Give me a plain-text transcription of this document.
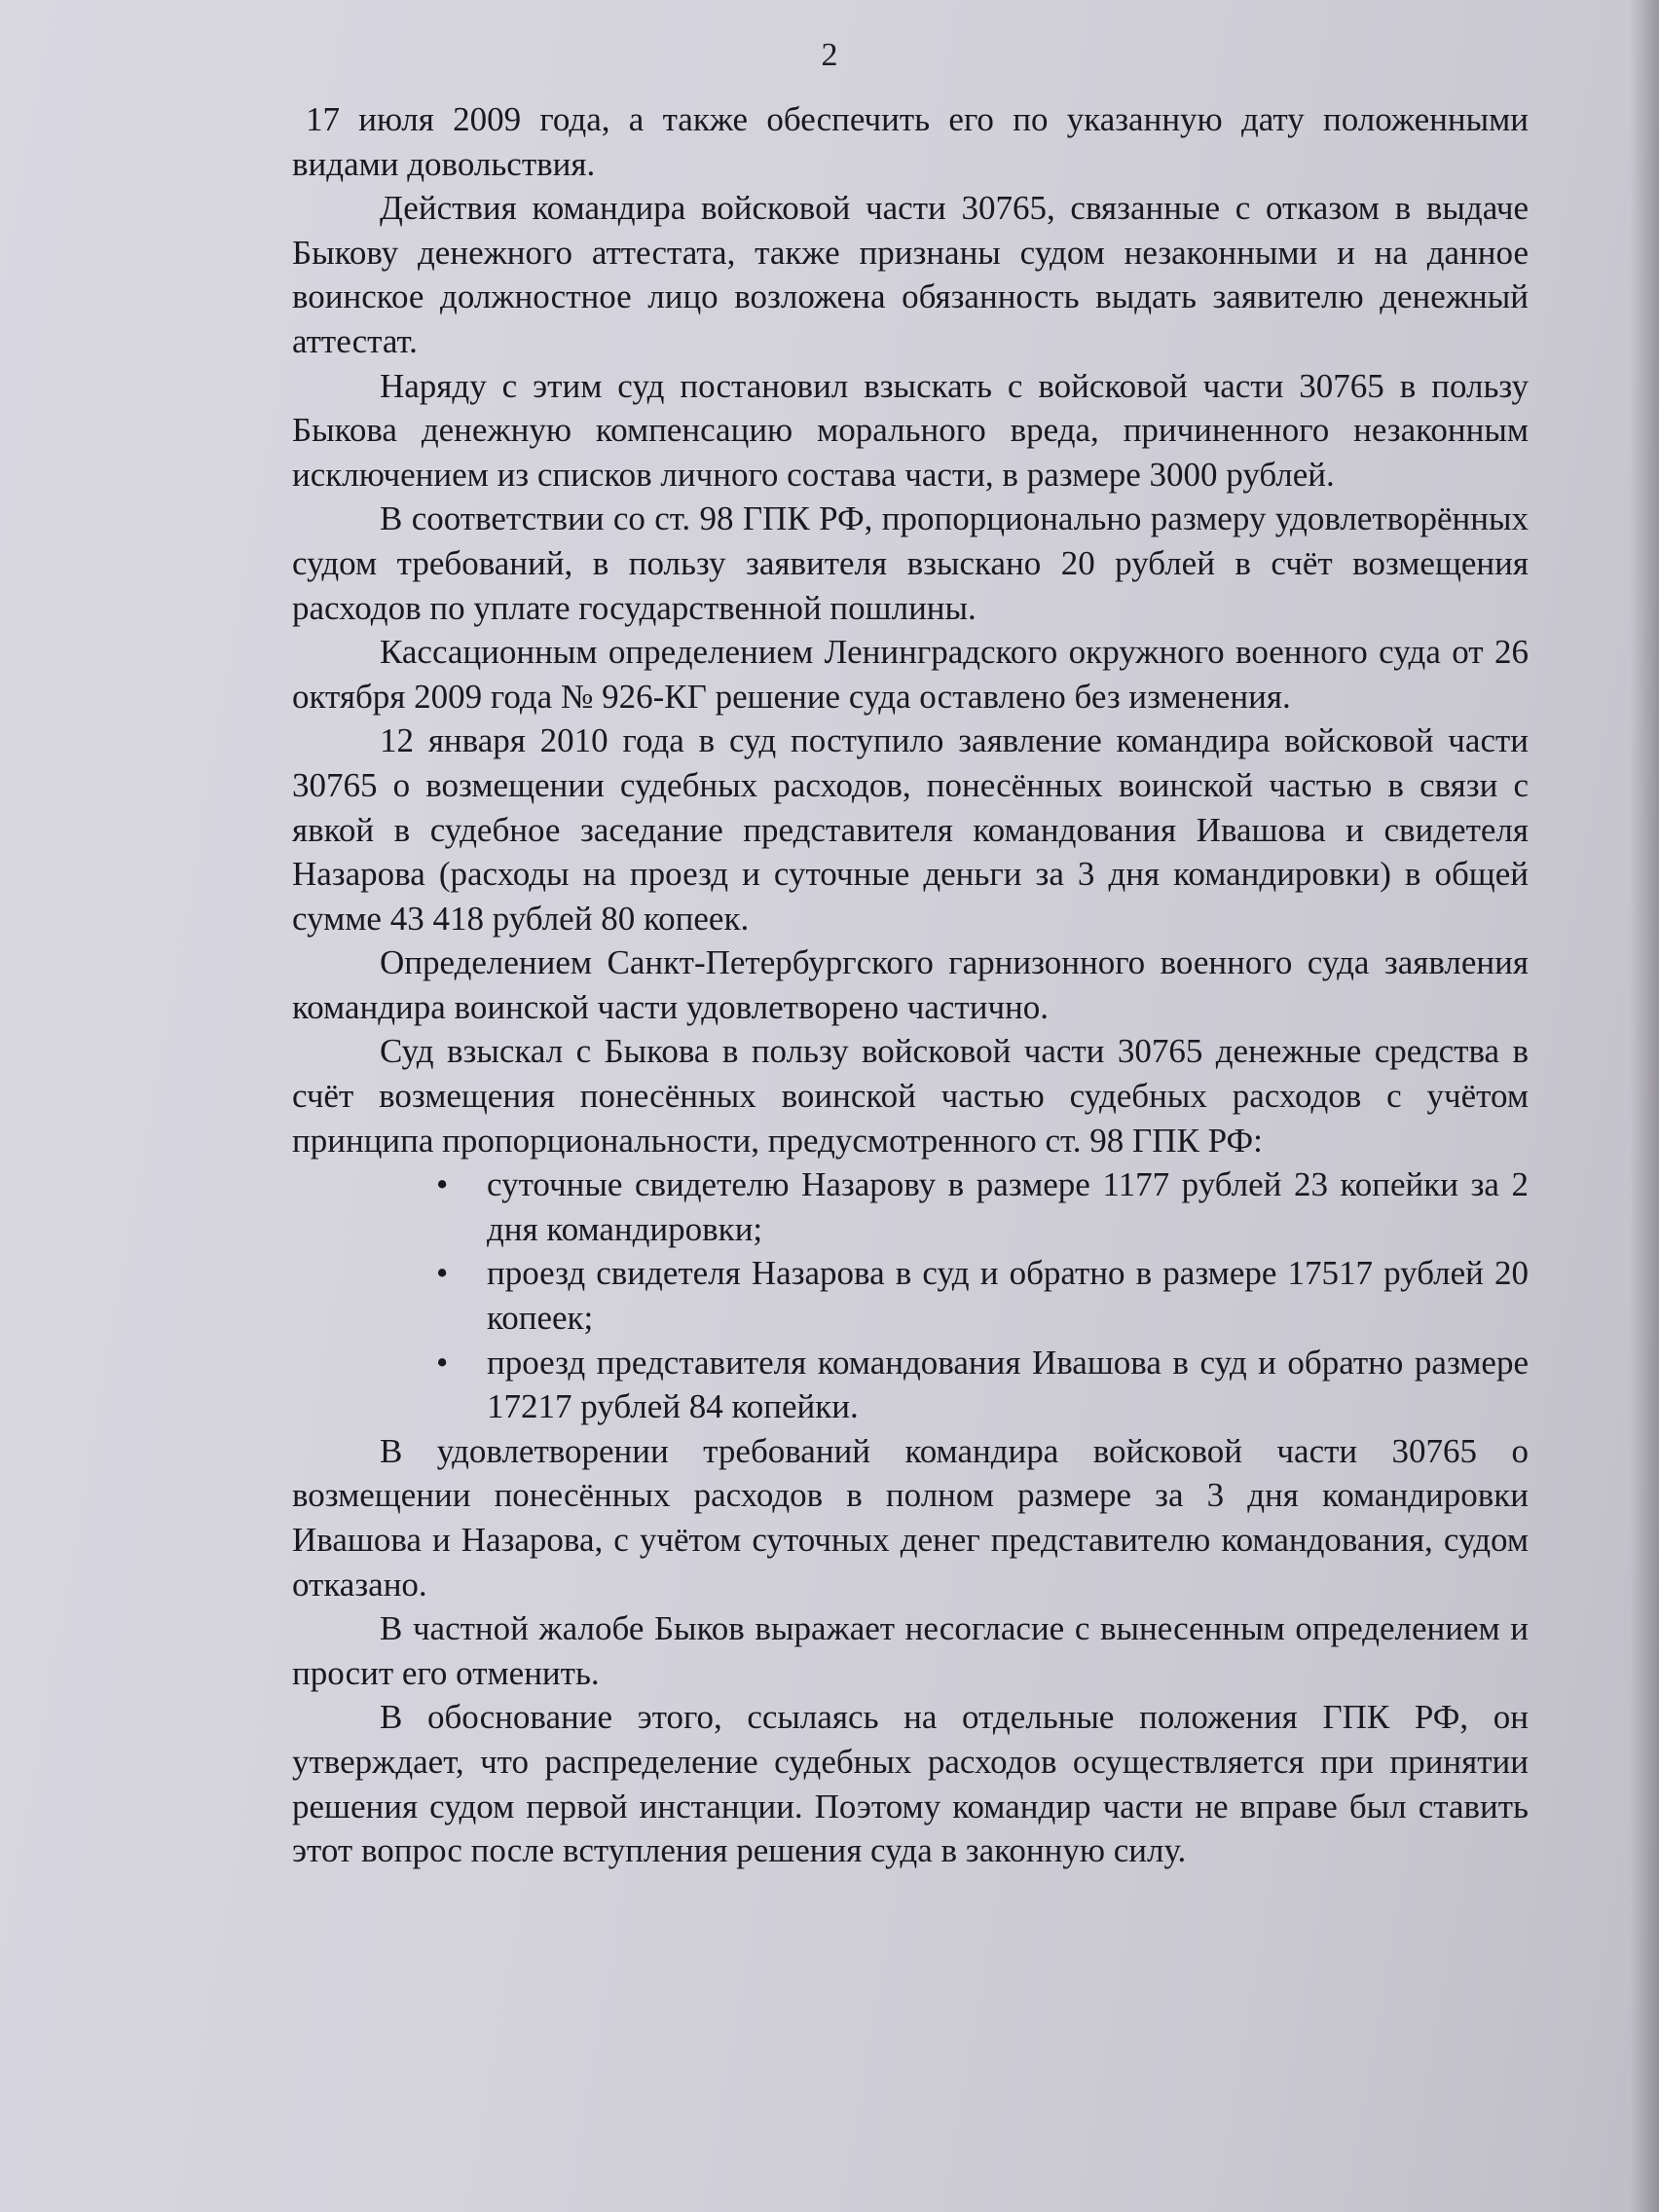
2

17 июля 2009 года, а также обеспечить его по указанную дату положенными видами довольствия.

Действия командира войсковой части 30765, связанные с отказом в выдаче Быкову денежного аттестата, также признаны судом незаконными и на данное воинское должностное лицо возложена обязанность выдать заявителю денежный аттестат.

Наряду с этим суд постановил взыскать с войсковой части 30765 в пользу Быкова денежную компенсацию морального вреда, причиненного незаконным исключением из списков личного состава части, в размере 3000 рублей.

В соответствии со ст. 98 ГПК РФ, пропорционально размеру удовлетворённых судом требований, в пользу заявителя взыскано 20 рублей в счёт возмещения расходов по уплате государственной пошлины.

Кассационным определением Ленинградского окружного военного суда от 26 октября 2009 года № 926-КГ решение суда оставлено без изменения.

12 января 2010 года в суд поступило заявление командира войсковой части 30765 о возмещении судебных расходов, понесённых воинской частью в связи с явкой в судебное заседание представителя командования Ивашова и свидетеля Назарова (расходы на проезд и суточные деньги за 3 дня командировки) в общей сумме 43 418 рублей 80 копеек.

Определением Санкт-Петербургского гарнизонного военного суда заявления командира воинской части удовлетворено частично.

Суд взыскал с Быкова в пользу войсковой части 30765 денежные средства в счёт возмещения понесённых воинской частью судебных расходов с учётом принципа пропорциональности, предусмотренного ст. 98 ГПК РФ:

• суточные свидетелю Назарову в размере 1177 рублей 23 копейки за 2 дня командировки;
• проезд свидетеля Назарова в суд и обратно в размере 17517 рублей 20 копеек;
• проезд представителя командования Ивашова в суд и обратно размере 17217 рублей 84 копейки.

В удовлетворении требований командира войсковой части 30765 о возмещении понесённых расходов в полном размере за 3 дня командировки Ивашова и Назарова, с учётом суточных денег представителю командования, судом отказано.

В частной жалобе Быков выражает несогласие с вынесенным определением и просит его отменить.

В обоснование этого, ссылаясь на отдельные положения ГПК РФ, он утверждает, что распределение судебных расходов осуществляется при принятии решения судом первой инстанции. Поэтому командир части не вправе был ставить этот вопрос после вступления решения суда в законную силу.
